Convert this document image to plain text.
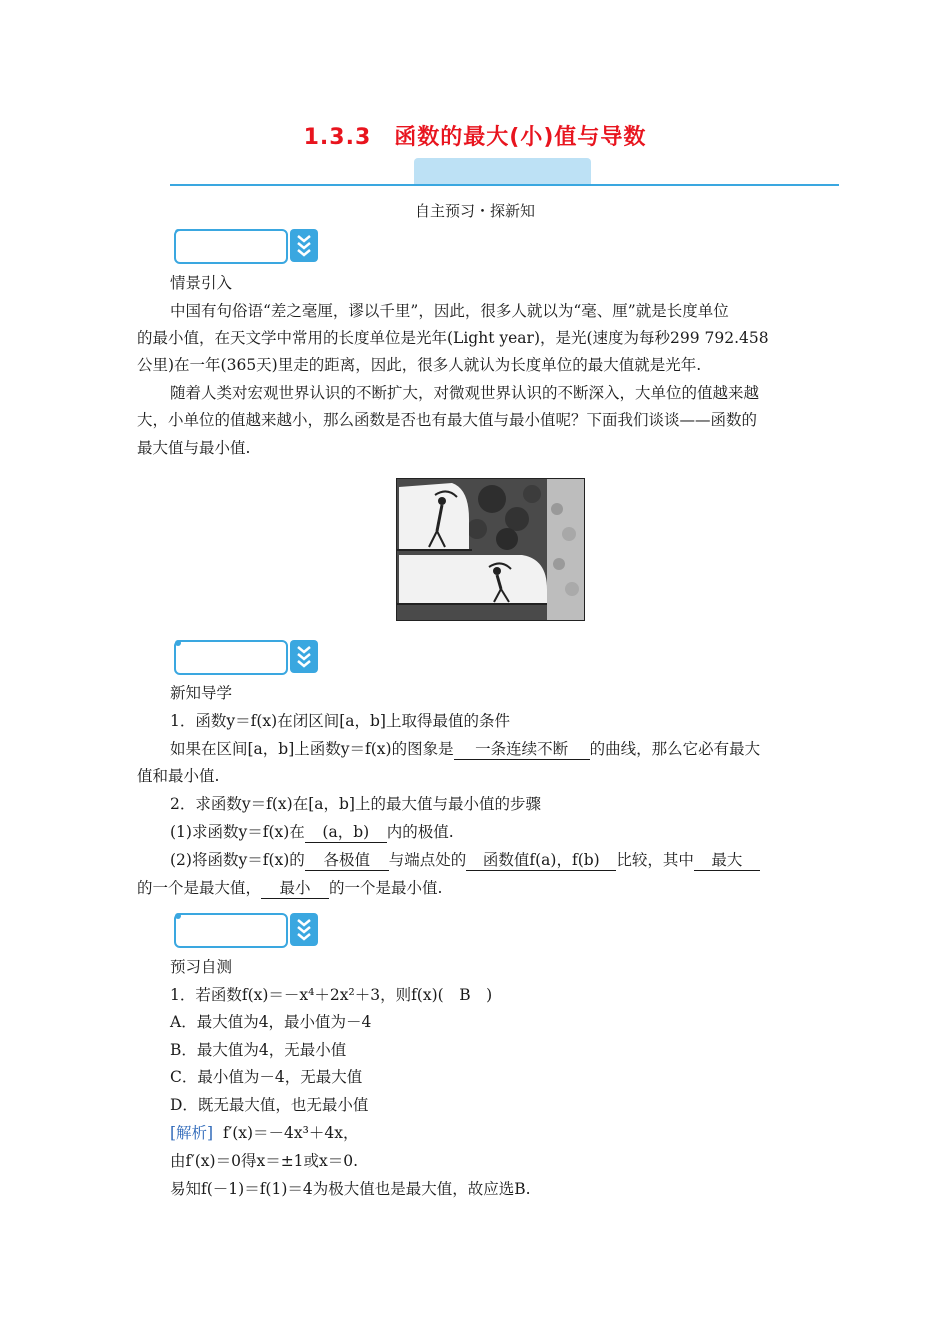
1.3.3　函数的最大(小)值与导数
自主预习・探新知
情景引入
中国有句俗语“差之毫厘，谬以千里”，因此，很多人就以为“毫、厘”就是长度单位
的最小值，在天文学中常用的长度单位是光年(Light year)，是光(速度为每秒299 792.458
公里)在一年(365天)里走的距离，因此，很多人就认为长度单位的最大值就是光年.
随着人类对宏观世界认识的不断扩大，对微观世界认识的不断深入，大单位的值越来越
大，小单位的值越来越小，那么函数是否也有最大值与最小值呢？下面我们谈谈——函数的
最大值与最小值.
新知导学
1．函数y＝f(x)在闭区间[a，b]上取得最值的条件
如果在区间[a，b]上函数y＝f(x)的图象是 一条连续不断 的曲线，那么它必有最大
值和最小值.
2．求函数y＝f(x)在[a，b]上的最大值与最小值的步骤
(1)求函数y＝f(x)在 (a，b) 内的极值.
(2)将函数y＝f(x)的 各极值 与端点处的 函数值f(a)，f(b) 比较，其中 最大
的一个是最大值， 最小 的一个是最小值.
预习自测
1．若函数f(x)＝－x⁴＋2x²＋3，则f(x)(　B　)
A．最大值为4，最小值为－4
B．最大值为4，无最小值
C．最小值为－4，无最大值
D．既无最大值，也无最小值
[解析] f′(x)＝－4x³＋4x，
由f′(x)＝0得x＝±1或x＝0.
易知f(－1)＝f(1)＝4为极大值也是最大值，故应选B.
